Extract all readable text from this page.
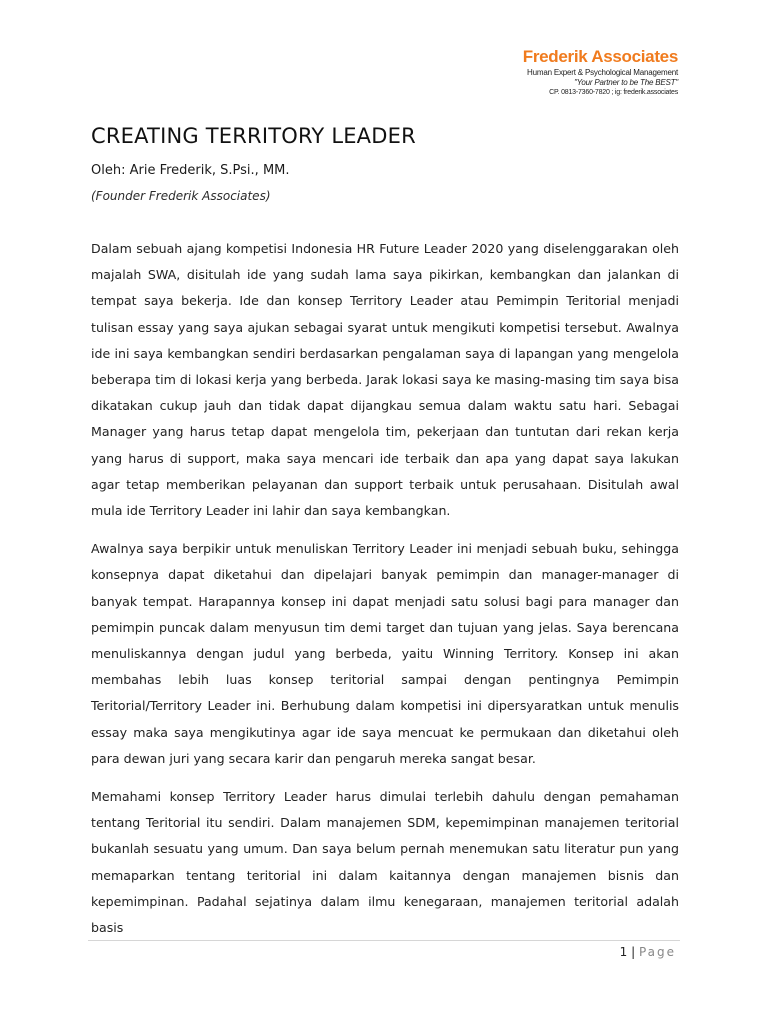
Frederik Associates
Human Expert & Psychological Management
"Your Partner to be The BEST"
CP. 0813-7360-7820 ; ig: frederik.associates
CREATING TERRITORY LEADER

Oleh: Arie Frederik, S.Psi., MM.

(Founder Frederik Associates)

Dalam sebuah ajang kompetisi Indonesia HR Future Leader 2020 yang diselenggarakan oleh majalah SWA, disitulah ide yang sudah lama saya pikirkan, kembangkan dan jalankan di tempat saya bekerja. Ide dan konsep Territory Leader atau Pemimpin Teritorial menjadi tulisan essay yang saya ajukan sebagai syarat untuk mengikuti kompetisi tersebut. Awalnya ide ini saya kembangkan sendiri berdasarkan pengalaman saya di lapangan yang mengelola beberapa tim di lokasi kerja yang berbeda. Jarak lokasi saya ke masing-masing tim saya bisa dikatakan cukup jauh dan tidak dapat dijangkau semua dalam waktu satu hari. Sebagai Manager yang harus tetap dapat mengelola tim, pekerjaan dan tuntutan dari rekan kerja yang harus di support, maka saya mencari ide terbaik dan apa yang dapat saya lakukan agar tetap memberikan pelayanan dan support terbaik untuk perusahaan. Disitulah awal mula ide Territory Leader ini lahir dan saya kembangkan.

Awalnya saya berpikir untuk menuliskan Territory Leader ini menjadi sebuah buku, sehingga konsepnya dapat diketahui dan dipelajari banyak pemimpin dan manager-manager di banyak tempat. Harapannya konsep ini dapat menjadi satu solusi bagi para manager dan pemimpin puncak dalam menyusun tim demi target dan tujuan yang jelas. Saya berencana menuliskannya dengan judul yang berbeda, yaitu Winning Territory. Konsep ini akan membahas lebih luas konsep teritorial sampai dengan pentingnya Pemimpin Teritorial/Territory Leader ini. Berhubung dalam kompetisi ini dipersyaratkan untuk menulis essay maka saya mengikutinya agar ide saya mencuat ke permukaan dan diketahui oleh para dewan juri yang secara karir dan pengaruh mereka sangat besar.

Memahami konsep Territory Leader harus dimulai terlebih dahulu dengan pemahaman tentang Teritorial itu sendiri. Dalam manajemen SDM, kepemimpinan manajemen teritorial bukanlah sesuatu yang umum. Dan saya belum pernah menemukan satu literatur pun yang memaparkan tentang teritorial ini dalam kaitannya dengan manajemen bisnis dan kepemimpinan. Padahal sejatinya dalam ilmu kenegaraan, manajemen teritorial adalah basis

1 | Page
